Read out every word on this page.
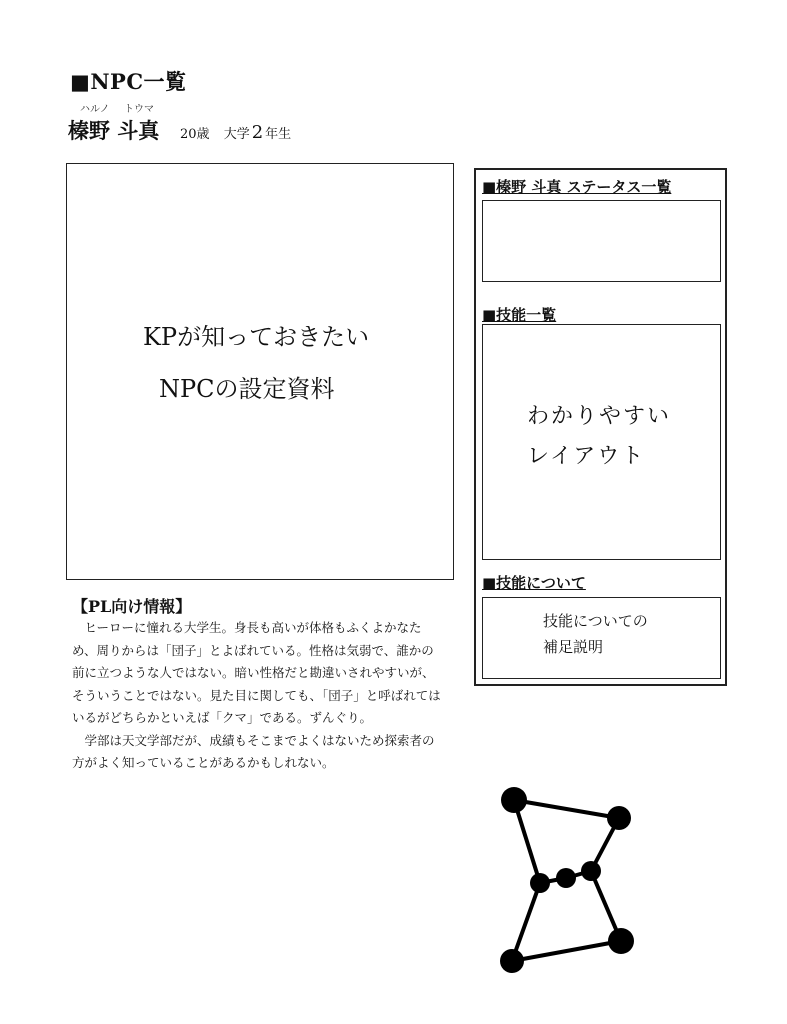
■NPC一覧
ハルノ トウマ
榛野 斗真 20歳 大学 2 年生
KPが知っておきたい
NPCの設定資料
■榛野 斗真 ステータス一覧
■技能一覧
わかりやすい
レイアウト
■技能について
技能についての
補足説明
【PL向け情報】

ヒーローに憧れる大学生。身長も高いが体格もふくよかなため、周りからは「団子」とよばれている。性格は気弱で、誰かの前に立つような人ではない。暗い性格だと勘違いされやすいが、そういうことではない。見た目に関しても、「団子」と呼ばれてはいるがどちらかといえば「クマ」である。ずんぐり。

学部は天文学部だが、成績もそこまでよくはないため探索者の方がよく知っていることがあるかもしれない。
